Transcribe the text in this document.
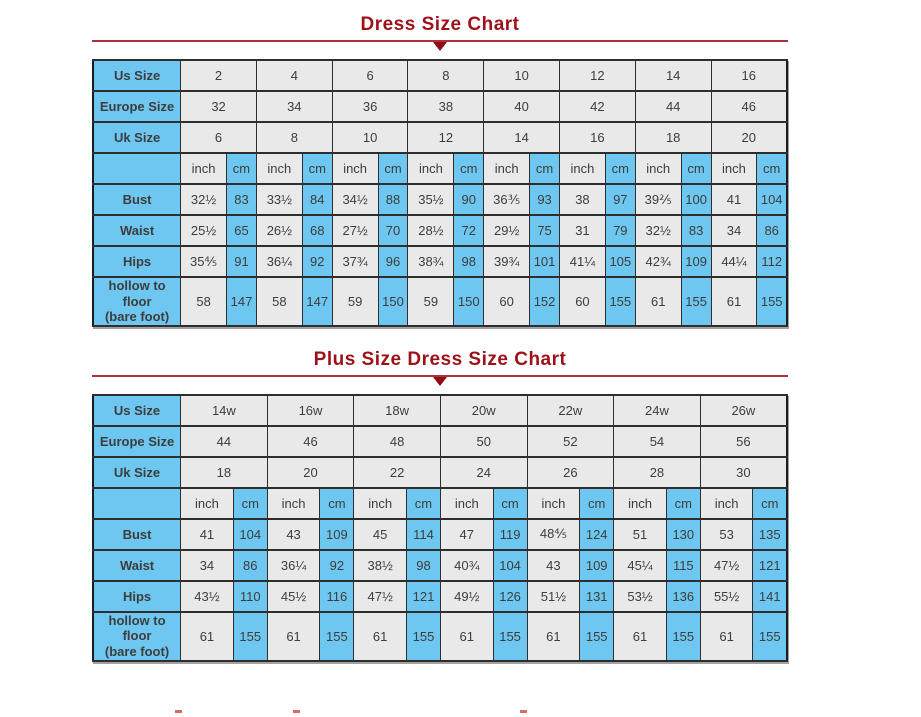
Dress Size Chart
Us Size	2		4		6		8		10		12		14		16	
Europe Size	32		34		36		38		40		42		44		46	
Uk Size	6		8		10		12		14		16		18		20	
	inch	cm	inch	cm	inch	cm	inch	cm	inch	cm	inch	cm	inch	cm	inch	cm

Bust	32½	83	33½	84	34½	88	35½	90	36⅗	93	38	97	39⅖	100	41	104

Waist	25½	65	26½	68	27½	70	28½	72	29½	75	31	79	32½	83	34	86

Hips	35⅘	91	36¼	92	37¾	96	38¾	98	39¾	101	41¼	105	42¾	109	44¼	112

hollow to floor
(bare foot)	58	147	58	147	59	150	59	150	60	152	60	155	61	155	61	155
Plus Size Dress Size Chart
Us Size	14w		16w		18w		20w		22w		24w		26w	
Europe Size	44		46		48		50		52		54		56	
Uk Size	18		20		22		24		26		28		30	
	inch	cm	inch	cm	inch	cm	inch	cm	inch	cm	inch	cm	inch	cm

Bust	41	104	43	109	45	114	47	119	48⅘	124	51	130	53	135

Waist	34	86	36¼	92	38½	98	40¾	104	43	109	45¼	115	47½	121

Hips	43½	110	45½	116	47½	121	49½	126	51½	131	53½	136	55½	141

hollow to floor
(bare foot)	61	155	61	155	61	155	61	155	61	155	61	155	61	155
